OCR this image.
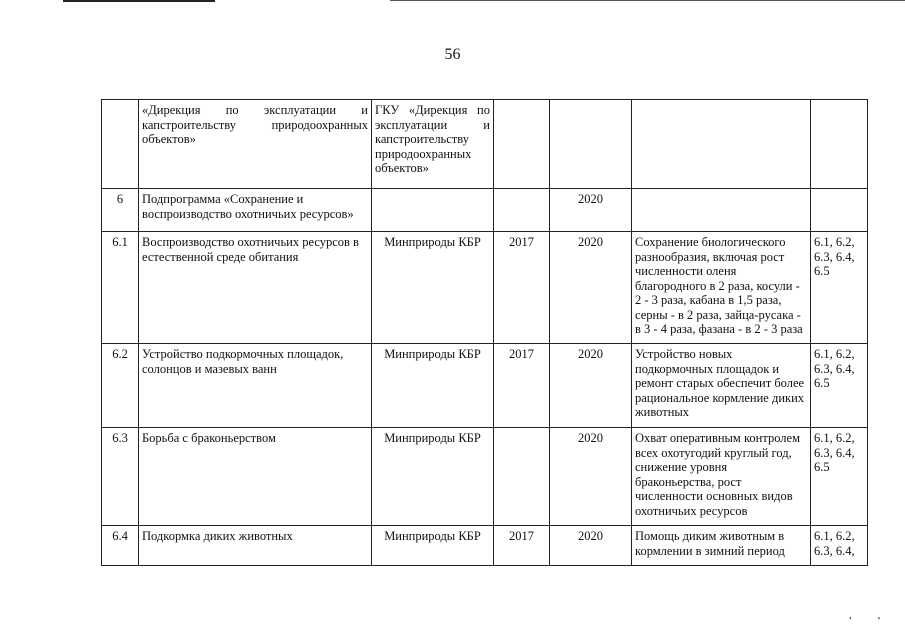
56
	«Дирекция по эксплуатации и капстроительству природоохранных объектов»	ГКУ «Дирекция по эксплуатации и капстроительству природоохранных объектов»				
6	Подпрограмма «Сохранение и воспроизводство охотничьих ресурсов»			2020		
6.1	Воспроизводство охотничьих ресурсов в естественной среде обитания	Минприроды КБР	2017	2020	Сохранение биологического разнообразия, включая рост численности оленя благородного в 2 раза, косули - 2 - 3 раза, кабана в 1,5 раза, серны - в 2 раза, зайца-русака - в 3 - 4 раза, фазана - в 2 - 3 раза	6.1, 6.2, 6.3, 6.4, 6.5
6.2	Устройство подкормочных площадок, солонцов и мазевых ванн	Минприроды КБР	2017	2020	Устройство новых подкормочных площадок и ремонт старых обеспечит более рациональное кормление диких животных	6.1, 6.2, 6.3, 6.4, 6.5
6.3	Борьба с браконьерством	Минприроды КБР		2020	Охват оперативным контролем всех охотугодий круглый год, снижение уровня браконьерства, рост численности основных видов охотничьих ресурсов	6.1, 6.2, 6.3, 6.4, 6.5
6.4	Подкормка диких животных	Минприроды КБР	2017	2020	Помощь диким животным в кормлении в зимний период	6.1, 6.2, 6.3, 6.4,
··
